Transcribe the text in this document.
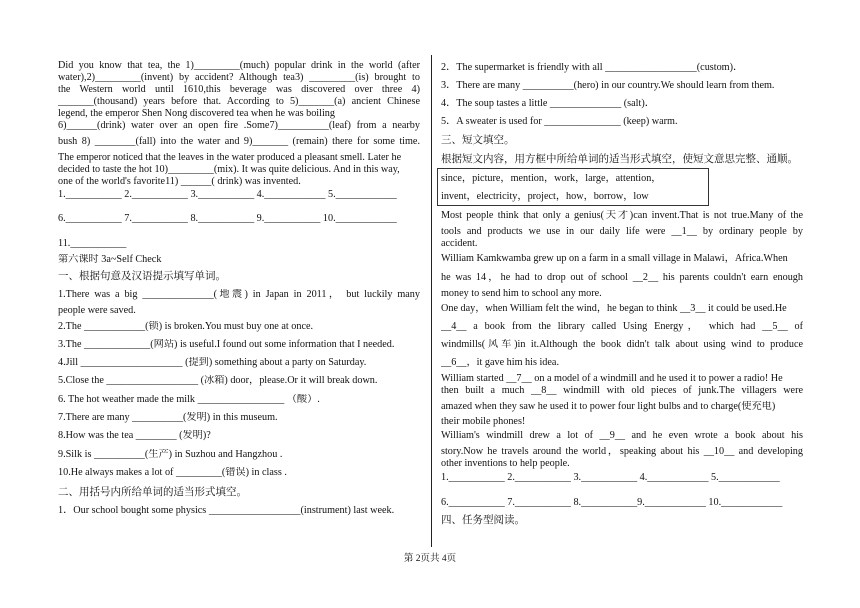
Did you know that tea, the 1)_________(much) popular drink in the world (after
water),2)_________(invent) by accident? Although tea3) _________(is) brought to
the Western world until 1610,this beverage was discovered over three 4)
_______(thousand) years before that. According to 5)_______(a) ancient Chinese
legend, the emperor Shen Nong discovered tea when he was boiling
6)______(drink) water over an open fire .Some7)__________(leaf) from a nearby
bush 8) ________(fall) into the water and 9)_______ (remain) there for some time.
The emperor noticed that the leaves in the water produced a pleasant smell. Later he
decided to taste the hot 10)_________(mix). It was quite delicious. And in this way,
one of the world's favorite11) ______( drink) was invented.
1.___________ 2.___________ 3.___________ 4.____________ 5.____________
6.___________ 7.___________ 8.___________ 9.___________ 10.____________
11.___________
第六课时 3a~Self Check
一、根据句意及汉语提示填写单词。
1.There was a big ______________(地震) in Japan in 2011， but luckily many
people were saved.
2.The ____________(锁) is broken.You must buy one at once.
3.The _____________(网站) is useful.I found out some information that I needed.
4.Jill ____________________ (提到) something about a party on Saturday.
5.Close the __________________ (冰箱) door，please.Or it will break down.
6. The hot weather made the milk _________________ （酸）.
7.There are many __________(发明) in this museum.
8.How was the tea ________ (发明)?
9.Silk is __________(生产) in Suzhou and Hangzhou .
10.He always makes a lot of _________(错误) in class .
二、用括号内所给单词的适当形式填空。
1．Our school bought some physics __________________(instrument) last week.
2．The supermarket is friendly with all __________________(custom)．
3．There are many __________(hero) in our country.We should learn from them.
4．The soup tastes a little ______________ (salt)．
5．A sweater is used for _______________ (keep) warm.
三、短文填空。
根据短文内容，用方框中所给单词的适当形式填空，使短文意思完整、通顺。
since，picture，mention，work，large，attention，
invent，electricity，project，how，borrow，low
Most people think that only a genius(天才)can invent.That is not true.Many of the
tools and products we use in our daily life were __1__ by ordinary people by
accident.
William Kamkwamba grew up on a farm in a small village in Malawi，Africa.When
he was 14，he had to drop out of school __2__ his parents couldn't earn enough
money to send him to school any more.
One day，when William felt the wind，he began to think __3__ it could be used.He
__4__ a book from the library called Using Energy， which had __5__ of
windmills(风车)in it.Although the book didn't talk about using wind to produce
__6__，it gave him his idea.
William started __7__ on a model of a windmill and he used it to power a radio! He
then built a much __8__ windmill with old pieces of junk.The villagers were
amazed when they saw he used it to power four light bulbs and to charge(使充电)
their mobile phones!
William's windmill drew a lot of __9__ and he even wrote a book about his
story.Now he travels around the world，speaking about his __10__ and developing
other inventions to help people.
1.___________ 2.___________ 3.___________ 4.____________ 5.____________
6.___________ 7.___________ 8.___________9.____________ 10.____________
四、任务型阅读。
第 2页共 4页
